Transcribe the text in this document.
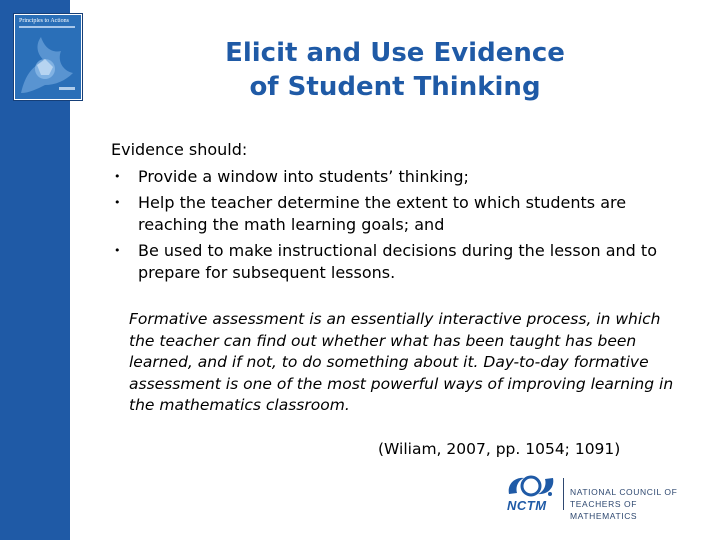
Principles to Actions
Elicit and Use Evidence
of Student Thinking
Evidence should:
• Provide a window into students’ thinking;
• Help the teacher determine the extent to which students are reaching the math learning goals; and
• Be used to make instructional decisions during the lesson and to prepare for subsequent lessons.
Formative assessment is an essentially interactive process, in which the teacher can find out whether what has been taught has been learned, and if not, to do something about it. Day-to-day formative assessment is one of the most powerful ways of improving learning in the mathematics classroom.
(Wiliam, 2007, pp. 1054; 1091)
NCTM
NATIONAL COUNCIL OF
TEACHERS OF MATHEMATICS
